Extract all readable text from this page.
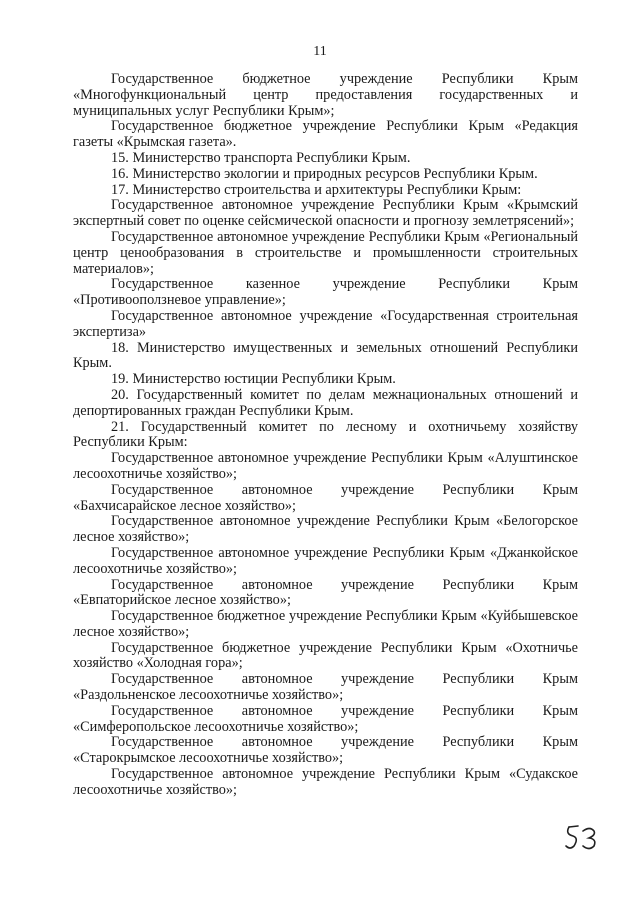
11

Государственное бюджетное учреждение Республики Крым «Многофункциональный центр предоставления государственных и муниципальных услуг Республики Крым»;

Государственное бюджетное учреждение Республики Крым «Редакция газеты «Крымская газета».

15. Министерство транспорта Республики Крым.

16. Министерство экологии и природных ресурсов Республики Крым.

17. Министерство строительства и архитектуры Республики Крым:

Государственное автономное учреждение Республики Крым «Крымский экспертный совет по оценке сейсмической опасности и прогнозу землетрясений»;

Государственное автономное учреждение Республики Крым «Региональный центр ценообразования в строительстве и промышленности строительных материалов»;

Государственное казенное учреждение Республики Крым «Противооползневое управление»;

Государственное автономное учреждение «Государственная строительная экспертиза»

18. Министерство имущественных и земельных отношений Республики Крым.

19. Министерство юстиции Республики Крым.

20. Государственный комитет по делам межнациональных отношений и депортированных граждан Республики Крым.

21. Государственный комитет по лесному и охотничьему хозяйству Республики Крым:

Государственное автономное учреждение Республики Крым «Алуштинское лесоохотничье хозяйство»;

Государственное автономное учреждение Республики Крым «Бахчисарайское лесное хозяйство»;

Государственное автономное учреждение Республики Крым «Белогорское лесное хозяйство»;

Государственное автономное учреждение Республики Крым «Джанкойское лесоохотничье хозяйство»;

Государственное автономное учреждение Республики Крым «Евпаторийское лесное хозяйство»;

Государственное бюджетное учреждение Республики Крым «Куйбышевское лесное хозяйство»;

Государственное бюджетное учреждение Республики Крым «Охотничье хозяйство «Холодная гора»;

Государственное автономное учреждение Республики Крым «Раздольненское лесоохотничье хозяйство»;

Государственное автономное учреждение Республики Крым «Симферопольское лесоохотничье хозяйство»;

Государственное автономное учреждение Республики Крым «Старокрымское лесоохотничье хозяйство»;

Государственное автономное учреждение Республики Крым «Судакское лесоохотничье хозяйство»;
